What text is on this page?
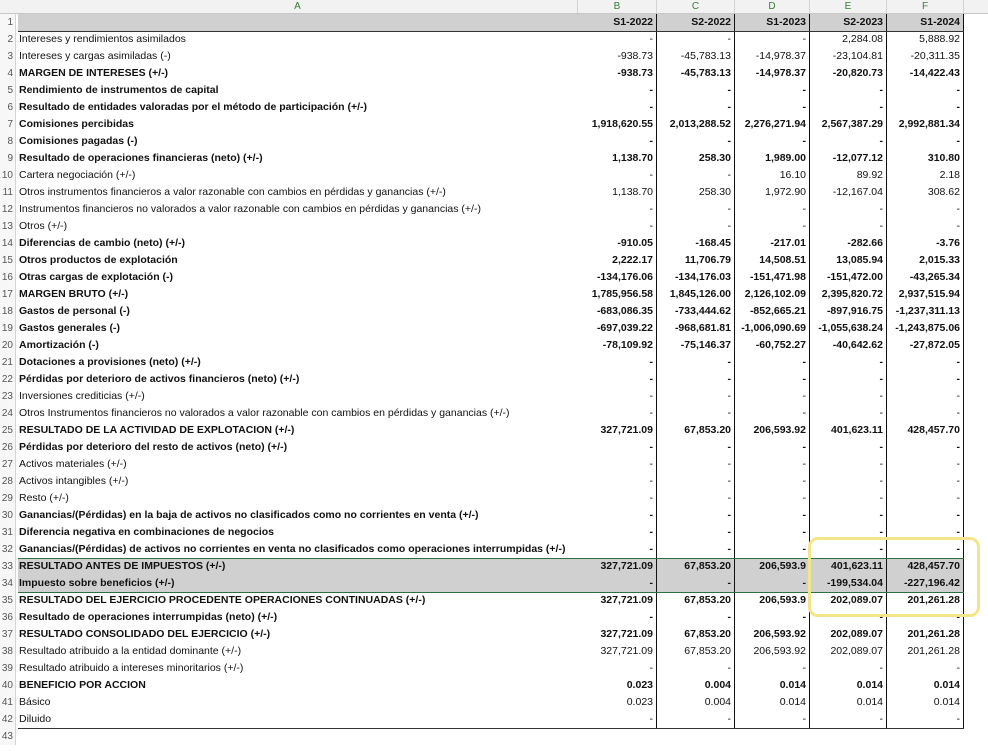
A	B	C	D	E	F
1	S1-2022	S2-2022	S1-2023	S2-2023	S1-2024
2 Intereses y rendimientos asimilados	-	-	-	2,284.08	5,888.92
3 Intereses y cargas asimiladas (-)	-938.73	-45,783.13	-14,978.37	-23,104.81	-20,311.35
4 MARGEN DE INTERESES (+/-)	-938.73	-45,783.13	-14,978.37	-20,820.73	-14,422.43
5 Rendimiento de instrumentos de capital	-	-	-	-	-
6 Resultado de entidades valoradas por el método de participación (+/-)	-	-	-	-	-
7 Comisiones percibidas	1,918,620.55	2,013,288.52	2,276,271.94	2,567,387.29	2,992,881.34
8 Comisiones pagadas (-)	-	-	-	-	-
9 Resultado de operaciones financieras (neto) (+/-)	1,138.70	258.30	1,989.00	-12,077.12	310.80
10 Cartera negociación (+/-)	-	-	16.10	89.92	2.18
11 Otros instrumentos financieros a valor razonable con cambios en pérdidas y ganancias (+/-)	1,138.70	258.30	1,972.90	-12,167.04	308.62
12 Instrumentos financieros no valorados a valor razonable con cambios en pérdidas y ganancias (+/-)	-	-	-	-	-
13 Otros (+/-)	-	-	-	-	-
14 Diferencias de cambio (neto) (+/-)	-910.05	-168.45	-217.01	-282.66	-3.76
15 Otros productos de explotación	2,222.17	11,706.79	14,508.51	13,085.94	2,015.33
16 Otras cargas de explotación (-)	-134,176.06	-134,176.03	-151,471.98	-151,472.00	-43,265.34
17 MARGEN BRUTO (+/-)	1,785,956.58	1,845,126.00	2,126,102.09	2,395,820.72	2,937,515.94
18 Gastos de personal (-)	-683,086.35	-733,444.62	-852,665.21	-897,916.75	-1,237,311.13
19 Gastos generales (-)	-697,039.22	-968,681.81 -1,006,090.69	-1,055,638.24	-1,243,875.06
20 Amortización (-)	-78,109.92	-75,146.37	-60,752.27	-40,642.62	-27,872.05
21 Dotaciones a provisiones (neto) (+/-)	-	-	-	-	-
22 Pérdidas por deterioro de activos financieros (neto) (+/-)	-	-	-	-	-
23 Inversiones crediticias (+/-)	-	-	-	-	-
24 Otros Instrumentos financieros no valorados a valor razonable con cambios en pérdidas y ganancias (+/-)	-	-	-	-	-
25 RESULTADO DE LA ACTIVIDAD DE EXPLOTACION (+/-)	327,721.09	67,853.20	206,593.92	401,623.11	428,457.70
26 Pérdidas por deterioro del resto de activos (neto) (+/-)	-	-	-	-	-
27 Activos materiales (+/-)	-	-	-	-	-
28 Activos intangibles (+/-)	-	-	-	-	-
29 Resto (+/-)	-	-	-	-	-
30 Ganancias/(Pérdidas) en la baja de activos no clasificados como no corrientes en venta (+/-)	-	-	-	-	-
31 Diferencia negativa en combinaciones de negocios	-	-	-	-	-
32 Ganancias/(Pérdidas) de activos no corrientes en venta no clasificados como operaciones interrumpidas (+/-)	-	-	-	-	-
33 RESULTADO ANTES DE IMPUESTOS (+/-)	327,721.09	67,853.20	206,593.9	401,623.11	428,457.70
34 Impuesto sobre beneficios (+/-)	-	-	-	-199,534.04	-227,196.42
35 RESULTADO DEL EJERCICIO PROCEDENTE OPERACIONES CONTINUADAS (+/-)	327,721.09	67,853.20	206,593.9	202,089.07	201,261.28
36 Resultado de operaciones interrumpidas (neto) (+/-)	-	-	-	-	-
37 RESULTADO CONSOLIDADO DEL EJERCICIO (+/-)	327,721.09	67,853.20	206,593.92	202,089.07	201,261.28
38 Resultado atribuido a la entidad dominante (+/-)	327,721.09	67,853.20	206,593.92	202,089.07	201,261.28
39 Resultado atribuido a intereses minoritarios (+/-)	-	-	-	-	-
40 BENEFICIO POR ACCION	0.023	0.004	0.014	0.014	0.014
41 Básico	0.023	0.004	0.014	0.014	0.014
42 Diluido	-	-	-	-	-
43
